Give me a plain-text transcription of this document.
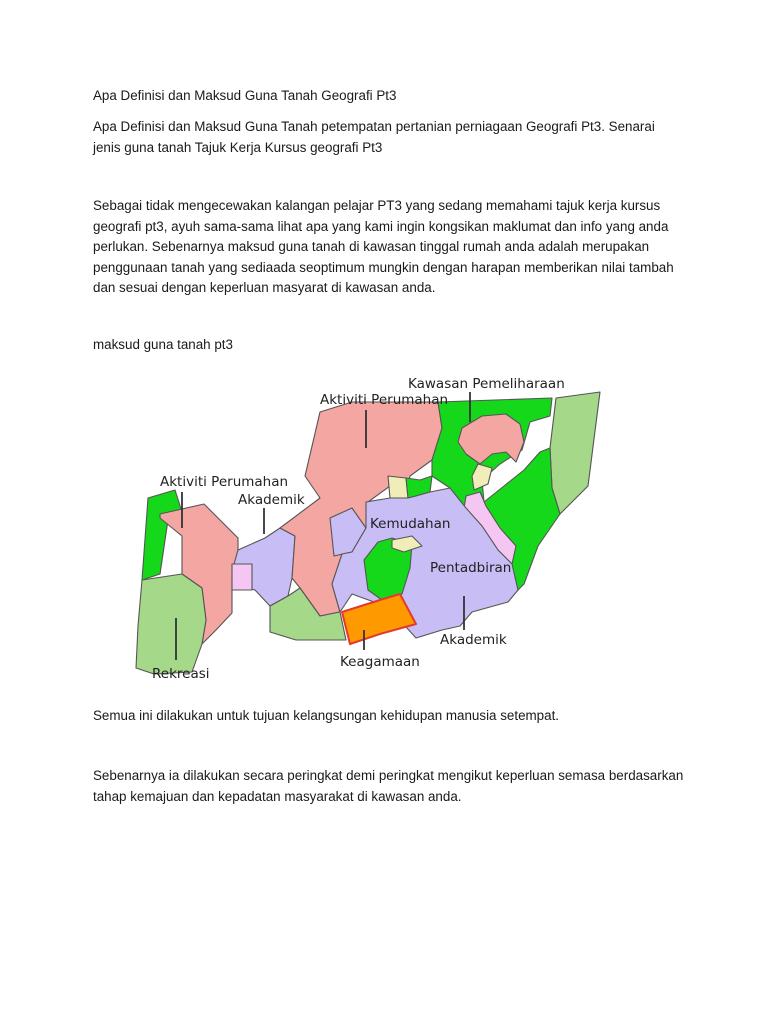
Apa Definisi dan Maksud Guna Tanah Geografi Pt3

Apa Definisi dan Maksud Guna Tanah petempatan pertanian perniagaan Geografi Pt3. Senarai jenis guna tanah Tajuk Kerja Kursus geografi Pt3

Sebagai tidak mengecewakan kalangan pelajar PT3 yang sedang memahami tajuk kerja kursus geografi pt3, ayuh sama-sama lihat apa yang kami ingin kongsikan maklumat dan info yang anda perlukan. Sebenarnya maksud guna tanah di kawasan tinggal rumah anda adalah merupakan penggunaan tanah yang sediaada seoptimum mungkin dengan harapan memberikan nilai tambah dan sesuai dengan keperluan masyarat di kawasan anda.

maksud guna tanah pt3

Kawasan Pemeliharaan
Aktiviti Perumahan
Aktiviti Perumahan
Akademik
Kemudahan
Pentadbiran
Akademik
Keagamaan
Rekreasi

Semua ini dilakukan untuk tujuan kelangsungan kehidupan manusia setempat.

Sebenarnya ia dilakukan secara peringkat demi peringkat mengikut keperluan semasa berdasarkan tahap kemajuan dan kepadatan masyarakat di kawasan anda.
